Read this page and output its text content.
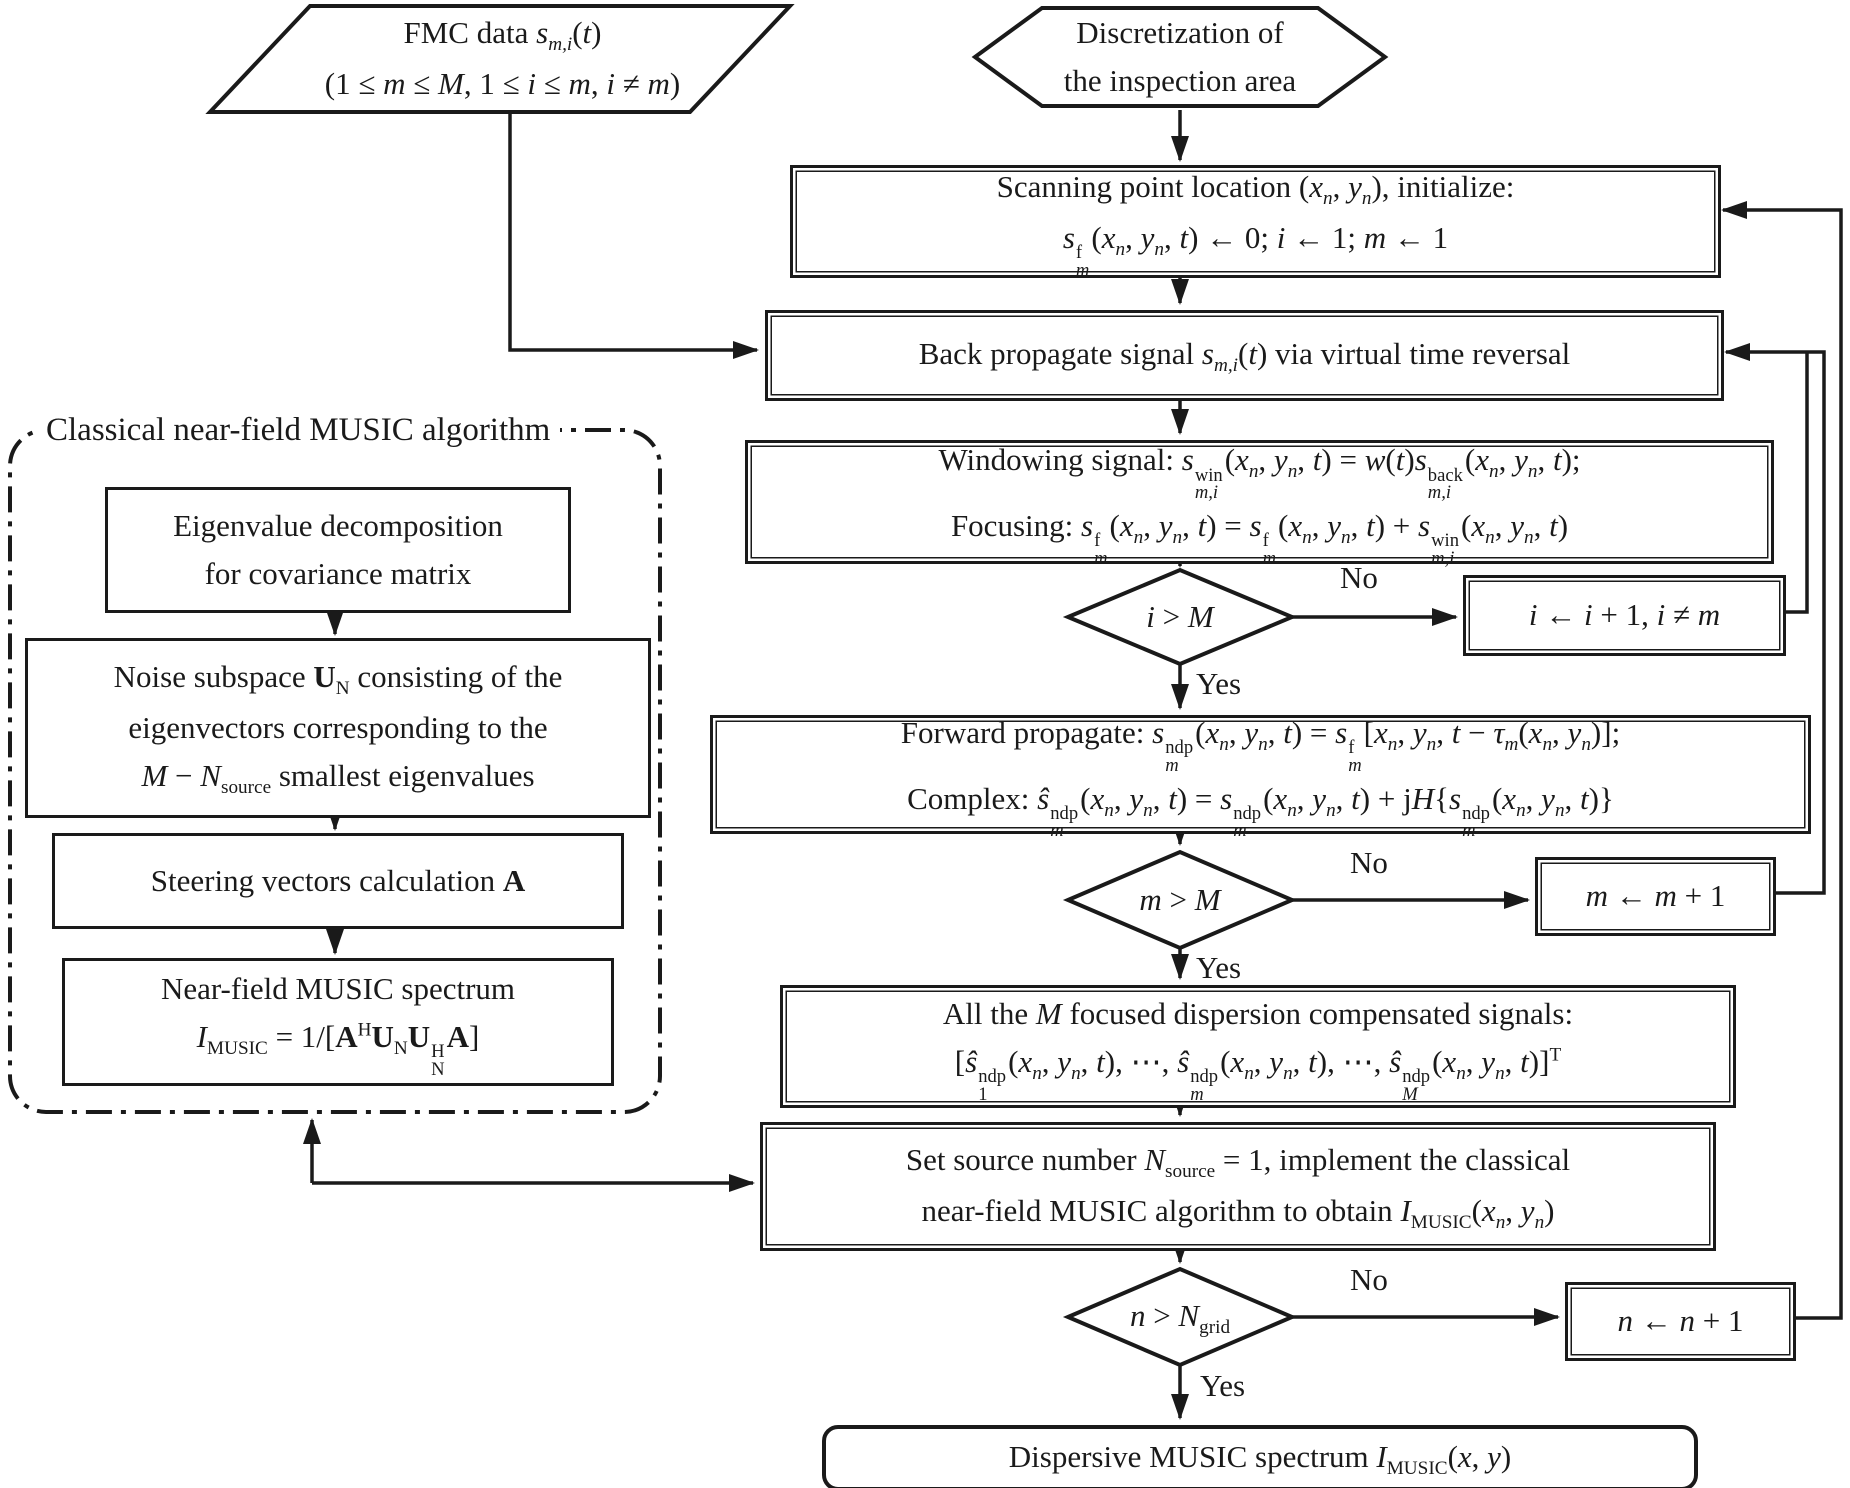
FMC data $s_{m,i}(t)$
(1 ≤ m ≤ M, 1 ≤ i ≤ m, i ≠ m)
Discretization of
the inspection area
Scanning point location ($x_n$, $y_n$), initialize:
s f
m
($x_n$, $y_n$, t) ← 0; i ← 1; m ← 1
Back propagate signal $s_{m,i}(t)$ via virtual time reversal
Windowing signal: s win
m,i
($x_n$, $y_n$, t) = w(t)s back
m,i
($x_n$, $y_n$, t);
Focusing: s f
m
($x_n$, $y_n$, t) = s f
m
($x_n$, $y_n$, t) + s win
m,i
($x_n$, $y_n$, t)
i > M
No
Yes
i ← i + 1, i ≠ m
Forward propagate: s ndp
m
($x_n$, $y_n$, t) = s f
m
[$x_n$, $y_n$, $t - \tau_m(x_n$, $y_n$)];
Complex: ŝ ndp
m
($x_n$, $y_n$, t) = s ndp
m
($x_n$, $y_n$, t) + jH{s ndp
m
($x_n$, $y_n$, t)}
m > M
No
Yes
m ← m + 1
All the M focused dispersion compensated signals:
[ŝ ndp
1
($x_n$, $y_n$, t), ⋯, ŝ ndp
m
($x_n$, $y_n$, t), ⋯, ŝ ndp
M
($x_n$, $y_n$, t)]$^T$
Set source number $N_{source} = 1$, implement the classical
near-field MUSIC algorithm to obtain $I_{MUSIC}(x_n$, $y_n$)
$n > N_{grid}$
No
Yes
n ← n + 1
Dispersive MUSIC spectrum $I_{MUSIC}(x$, y)
Classical near-field MUSIC algorithm
Eigenvalue decomposition
for covariance matrix
Noise subspace $U_N$ consisting of the
eigenvectors corresponding to the
$M - N_{source}$ smallest eigenvalues
Steering vectors calculation A
Near-field MUSIC spectrum
$I_{MUSIC} = 1/[A^HU_NU$ H
N
A]
